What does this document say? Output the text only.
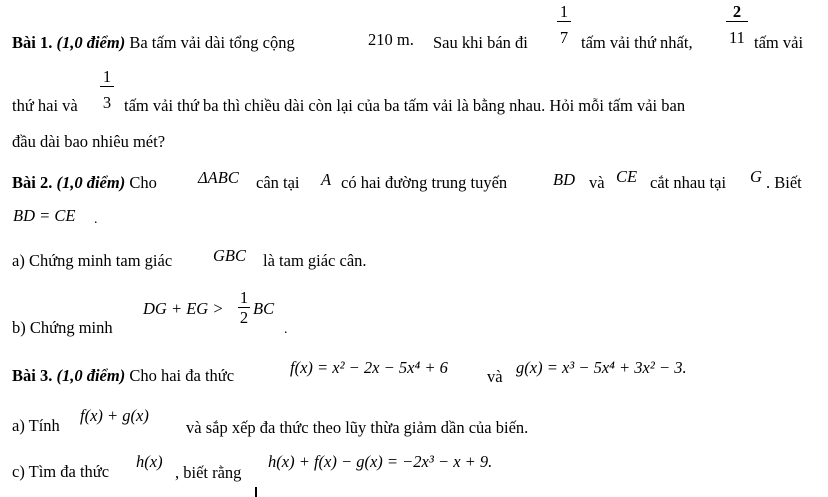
Bài 1. (1,0 điểm) Ba tấm vải dài tổng cộng	210 m. Sau khi bán đi $\frac{1}{7}$ tấm vải thứ nhất, $\frac{2}{11}$ tấm vải
thứ hai và $\frac{1}{3}$ tấm vải thứ ba thì chiều dài còn lại của ba tấm vải là bằng nhau. Hỏi mỗi tấm vải ban
đầu dài bao nhiêu mét?
Bài 2. (1,0 điểm) Cho ΔABC cân tại A có hai đường trung tuyến	BD và CE cắt nhau tại G . Biết
BD = CE .
a) Chứng minh tam giác GBC là tam giác cân.
b) Chứng minh
DG + EG > $\frac{1}{2}$ BC
.
Bài 3. (1,0 điểm) Cho hai đa thức	f(x) = x² − 2x − 5x⁴ + 6 và g(x) = x³ − 5x⁴ + 3x² − 3.
a) Tính
f(x) + g(x)
và sắp xếp đa thức theo lũy thừa giảm dần của biến.
c) Tìm đa thức
h(x)
, biết rằng
h(x) + f(x) − g(x) = −2x³ − x + 9.
